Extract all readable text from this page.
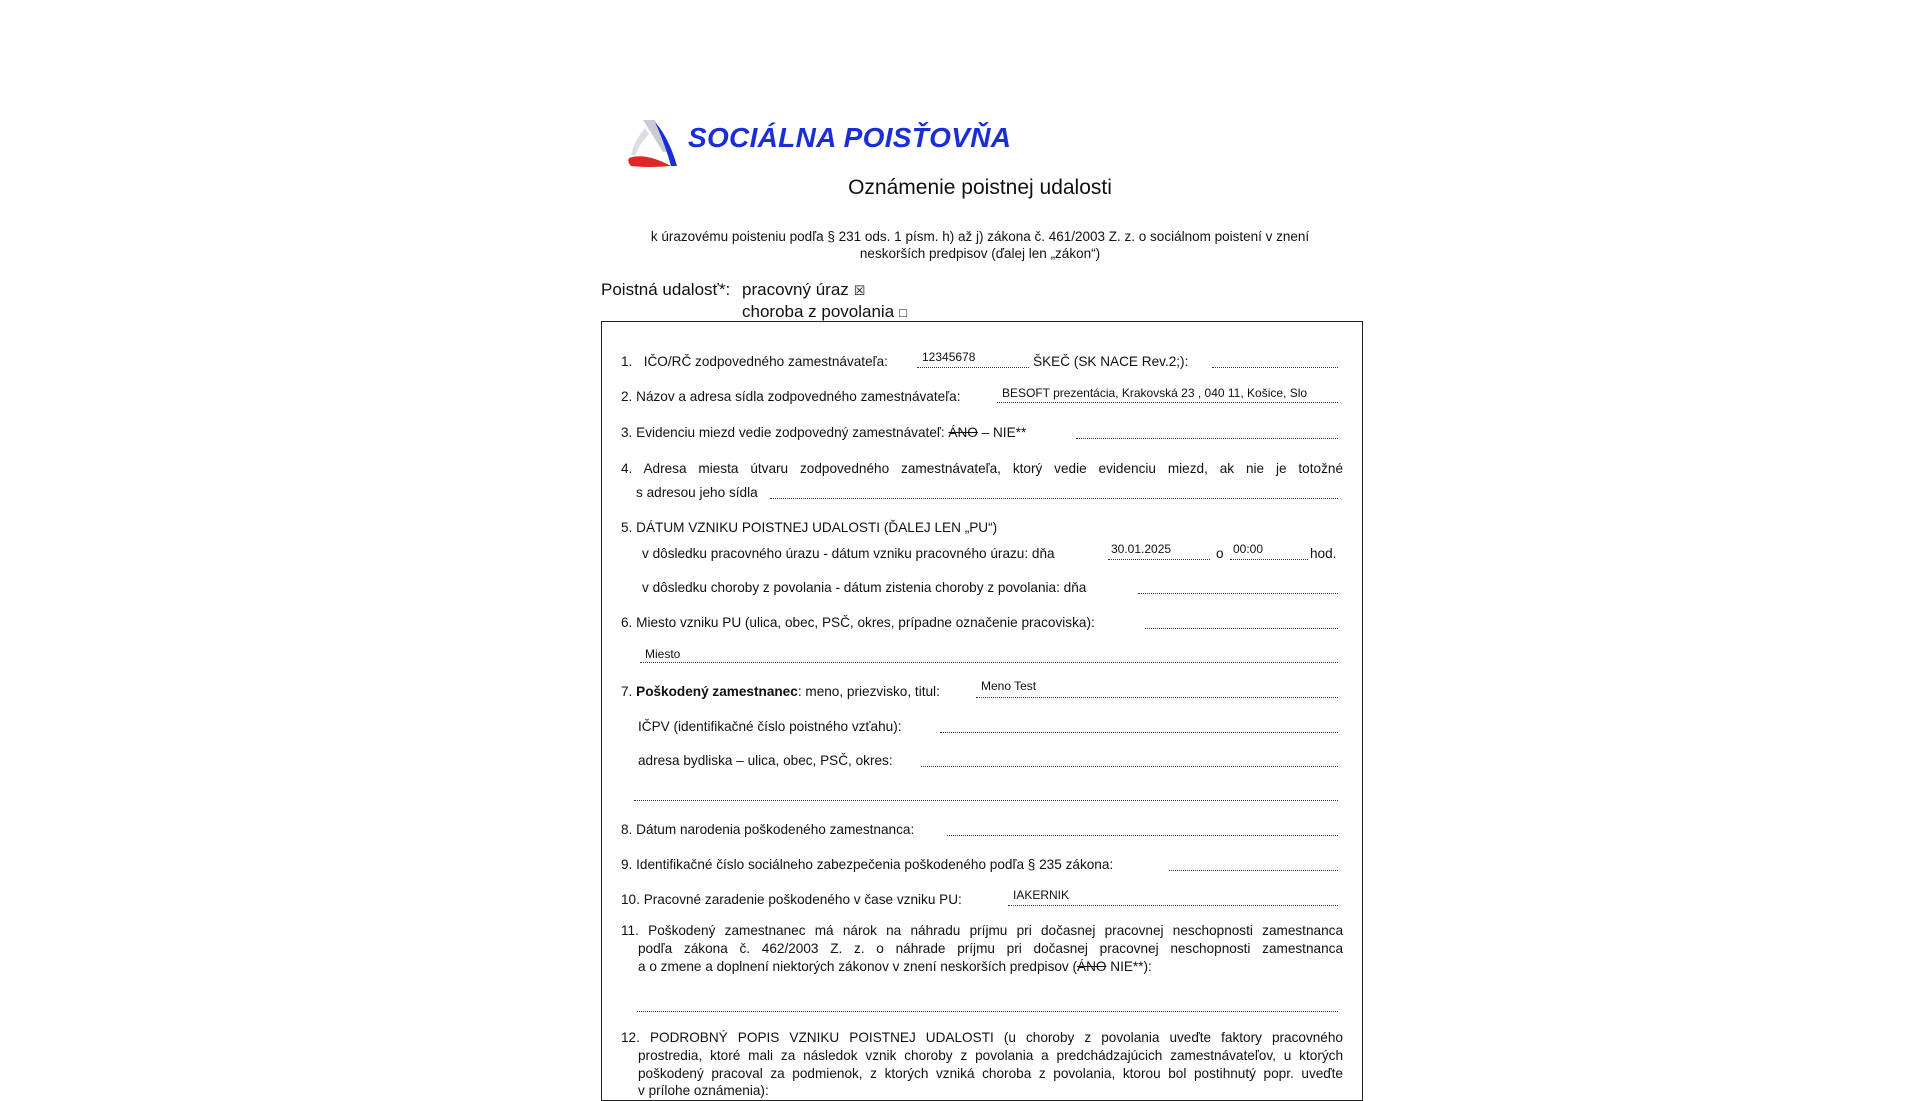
SOCIÁLNA POISŤOVŇA
Oznámenie poistnej udalosti
k úrazovému poisteniu podľa § 231 ods. 1 písm. h) až j) zákona č. 461/2003 Z. z. o sociálnom poistení v znení
neskorších predpisov (ďalej len „zákon“)
Poistná udalosť*: pracovný úraz ☒
choroba z povolania □
1. IČO/RČ zodpovedného zamestnávateľa:	12345678	ŠKEČ (SK NACE Rev.2;):
2. Názov a adresa sídla zodpovedného zamestnávateľa:	BESOFT prezentácia, Krakovská 23 , 040 11, Košice, Slo
3. Evidenciu miezd vedie zodpovedný zamestnávateľ: ÁNO – NIE**
4. Adresa miesta útvaru zodpovedného zamestnávateľa, ktorý vedie evidenciu miezd, ak nie je totožné
s adresou jeho sídla
5. DÁTUM VZNIKU POISTNEJ UDALOSTI (ĎALEJ LEN „PU“)
v dôsledku pracovného úrazu - dátum vzniku pracovného úrazu: dňa	30.01.2025	o 00:00	hod.
v dôsledku choroby z povolania - dátum zistenia choroby z povolania: dňa
6. Miesto vzniku PU (ulica, obec, PSČ, okres, prípadne označenie pracoviska):
Miesto
7. Poškodený zamestnanec: meno, priezvisko, titul:	Meno Test
IČPV (identifikačné číslo poistného vzťahu):
adresa bydliska – ulica, obec, PSČ, okres:
8. Dátum narodenia poškodeného zamestnanca:
9. Identifikačné číslo sociálneho zabezpečenia poškodeného podľa § 235 zákona:
10. Pracovné zaradenie poškodeného v čase vzniku PU:	IAKERNIK
11. Poškodený zamestnanec má nárok na náhradu príjmu pri dočasnej pracovnej neschopnosti zamestnanca
podľa zákona č. 462/2003 Z. z. o náhrade príjmu pri dočasnej pracovnej neschopnosti zamestnanca
a o zmene a doplnení niektorých zákonov v znení neskorších predpisov (ÁNO NIE**):
12. PODROBNÝ POPIS VZNIKU POISTNEJ UDALOSTI (u choroby z povolania uveďte faktory pracovného
prostredia, ktoré mali za následok vznik choroby z povolania a predchádzajúcich zamestnávateľov, u ktorých
poškodený pracoval za podmienok, z ktorých vzniká choroba z povolania, ktorou bol postihnutý popr. uveďte
v prílohe oznámenia):
